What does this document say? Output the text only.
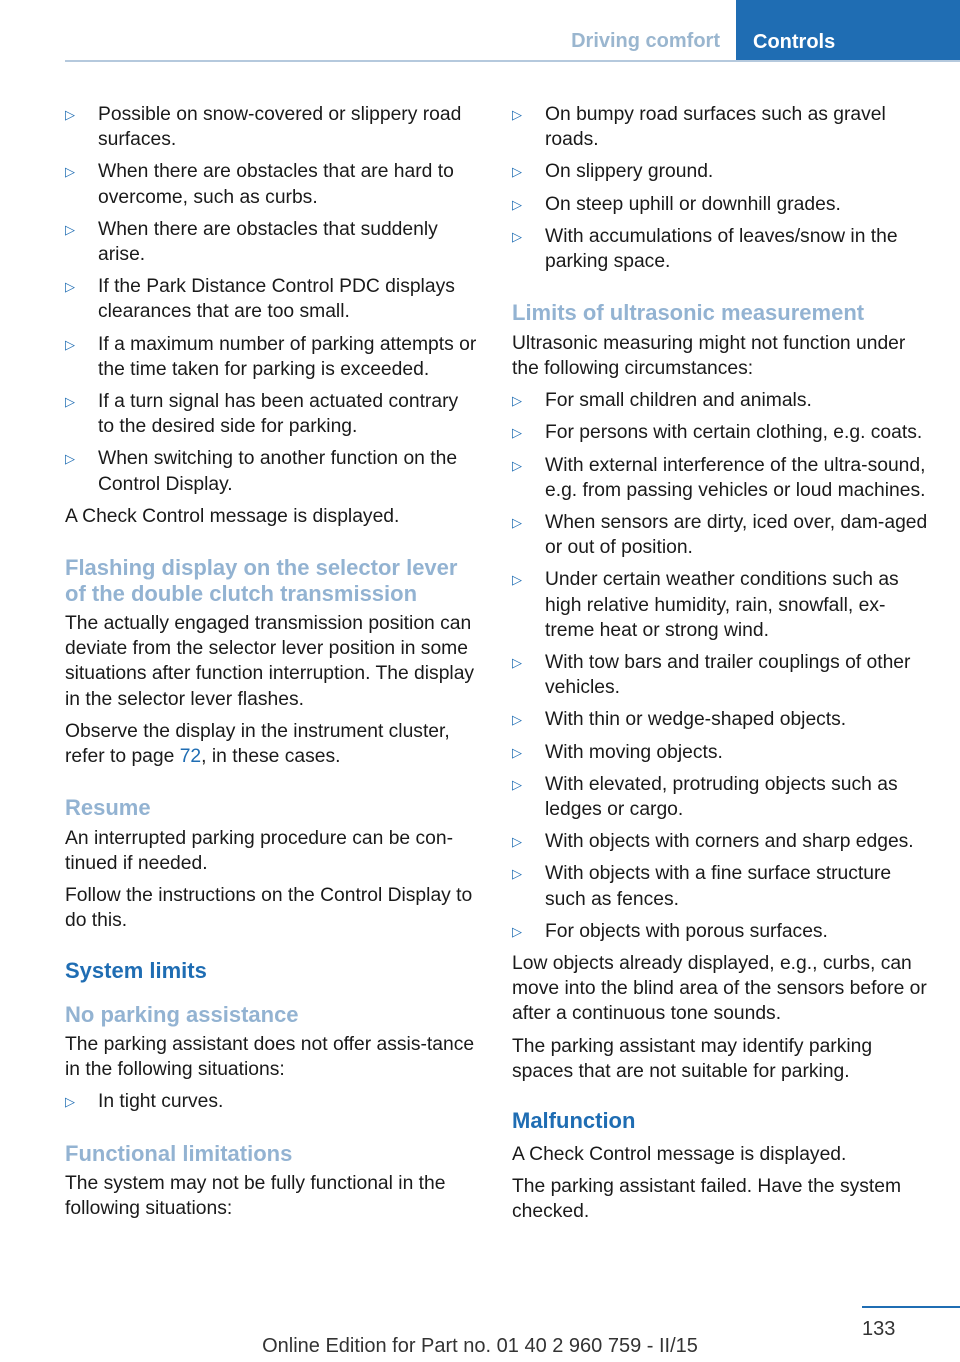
Driving comfort	Controls
▷ Possible on snow-covered or slippery road surfaces.
▷ When there are obstacles that are hard to overcome, such as curbs.
▷ When there are obstacles that suddenly arise.
▷ If the Park Distance Control PDC displays clearances that are too small.
▷ If a maximum number of parking attempts or the time taken for parking is exceeded.
▷ If a turn signal has been actuated contrary to the desired side for parking.
▷ When switching to another function on the Control Display.

A Check Control message is displayed.

Flashing display on the selector lever of the double clutch transmission

The actually engaged transmission position can deviate from the selector lever position in some situations after function interruption. The display in the selector lever flashes.

Observe the display in the instrument cluster, refer to page 72, in these cases.

Resume

An interrupted parking procedure can be con‐tinued if needed.

Follow the instructions on the Control Display to do this.

System limits
No parking assistance

The parking assistant does not offer assis‐tance in the following situations:

▷ In tight curves.
Functional limitations

The system may not be fully functional in the following situations:

▷ On bumpy road surfaces such as gravel roads.
▷ On slippery ground.
▷ On steep uphill or downhill grades.
▷ With accumulations of leaves/snow in the parking space.
Limits of ultrasonic measurement

Ultrasonic measuring might not function under the following circumstances:

▷ For small children and animals.
▷ For persons with certain clothing, e.g. coats.
▷ With external interference of the ultra‐sound, e.g. from passing vehicles or loud machines.
▷ When sensors are dirty, iced over, dam‐aged or out of position.
▷ Under certain weather conditions such as high relative humidity, rain, snowfall, ex‐treme heat or strong wind.
▷ With tow bars and trailer couplings of other vehicles.
▷ With thin or wedge-shaped objects.
▷ With moving objects.
▷ With elevated, protruding objects such as ledges or cargo.
▷ With objects with corners and sharp edges.
▷ With objects with a fine surface structure such as fences.
▷ For objects with porous surfaces.

Low objects already displayed, e.g., curbs, can move into the blind area of the sensors before or after a continuous tone sounds.

The parking assistant may identify parking spaces that are not suitable for parking.

Malfunction

A Check Control message is displayed.

The parking assistant failed. Have the system checked.

133
Online Edition for Part no. 01 40 2 960 759 - II/15
